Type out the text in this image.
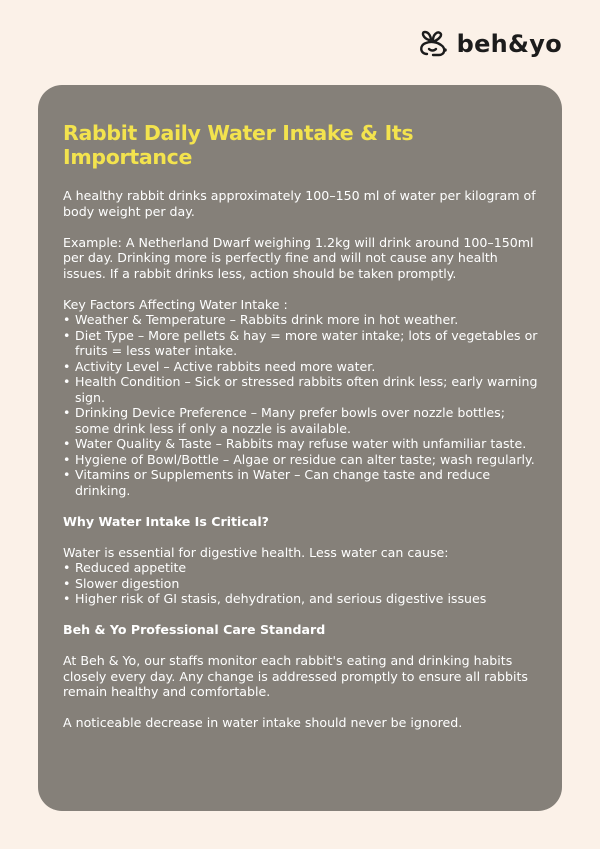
beh&yo
Rabbit Daily Water Intake & Its Importance

A healthy rabbit drinks approximately 100–150 ml of water per kilogram of body weight per day.

Example: A Netherland Dwarf weighing 1.2kg will drink around 100–150ml per day. Drinking more is perfectly fine and will not cause any health issues. If a rabbit drinks less, action should be taken promptly.

Key Factors Affecting Water Intake :

• Weather & Temperature – Rabbits drink more in hot weather.
• Diet Type – More pellets & hay = more water intake; lots of vegetables or fruits = less water intake.
• Activity Level – Active rabbits need more water.
• Health Condition – Sick or stressed rabbits often drink less; early warning sign.
• Drinking Device Preference – Many prefer bowls over nozzle bottles; some drink less if only a nozzle is available.
• Water Quality & Taste – Rabbits may refuse water with unfamiliar taste.
• Hygiene of Bowl/Bottle – Algae or residue can alter taste; wash regularly.
• Vitamins or Supplements in Water – Can change taste and reduce drinking.

Why Water Intake Is Critical?

Water is essential for digestive health. Less water can cause:

• Reduced appetite
• Slower digestion
• Higher risk of GI stasis, dehydration, and serious digestive issues

Beh & Yo Professional Care Standard

At Beh & Yo, our staffs monitor each rabbit's eating and drinking habits closely every day. Any change is addressed promptly to ensure all rabbits remain healthy and comfortable.

A noticeable decrease in water intake should never be ignored.
